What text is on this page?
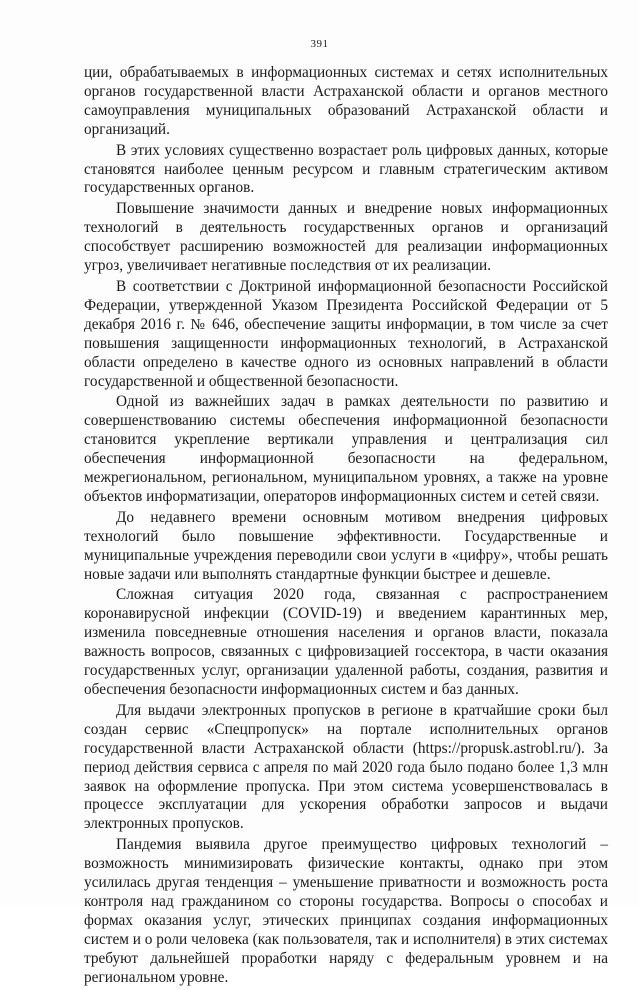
391

ции, обрабатываемых в информационных системах и сетях исполнительных органов государственной власти Астраханской области и органов местного самоуправления муниципальных образований Астраханской области и организаций.

В этих условиях существенно возрастает роль цифровых данных, которые становятся наиболее ценным ресурсом и главным стратегическим активом государственных органов.

Повышение значимости данных и внедрение новых информационных технологий в деятельность государственных органов и организаций способствует расширению возможностей для реализации информационных угроз, увеличивает негативные последствия от их реализации.

В соответствии с Доктриной информационной безопасности Российской Федерации, утвержденной Указом Президента Российской Федерации от 5 декабря 2016 г. № 646, обеспечение защиты информации, в том числе за счет повышения защищенности информационных технологий, в Астраханской области определено в качестве одного из основных направлений в области государственной и общественной безопасности.

Одной из важнейших задач в рамках деятельности по развитию и совершенствованию системы обеспечения информационной безопасности становится укрепление вертикали управления и централизация сил обеспечения информационной безопасности на федеральном, межрегиональном, региональном, муниципальном уровнях, а также на уровне объектов информатизации, операторов информационных систем и сетей связи.

До недавнего времени основным мотивом внедрения цифровых технологий было повышение эффективности. Государственные и муниципальные учреждения переводили свои услуги в «цифру», чтобы решать новые задачи или выполнять стандартные функции быстрее и дешевле.

Сложная ситуация 2020 года, связанная с распространением коронавирусной инфекции (COVID-19) и введением карантинных мер, изменила повседневные отношения населения и органов власти, показала важность вопросов, связанных с цифровизацией госсектора, в части оказания государственных услуг, организации удаленной работы, создания, развития и обеспечения безопасности информационных систем и баз данных.

Для выдачи электронных пропусков в регионе в кратчайшие сроки был создан сервис «Спецпропуск» на портале исполнительных органов государственной власти Астраханской области (https://propusk.astrobl.ru/). За период действия сервиса с апреля по май 2020 года было подано более 1,3 млн заявок на оформление пропуска. При этом система усовершенствовалась в процессе эксплуатации для ускорения обработки запросов и выдачи электронных пропусков.

Пандемия выявила другое преимущество цифровых технологий – возможность минимизировать физические контакты, однако при этом усилилась другая тенденция – уменьшение приватности и возможность роста контроля над гражданином со стороны государства. Вопросы о способах и формах оказания услуг, этических принципах создания информационных систем и о роли человека (как пользователя, так и исполнителя) в этих системах требуют дальнейшей проработки наряду с федеральным уровнем и на региональном уровне.
